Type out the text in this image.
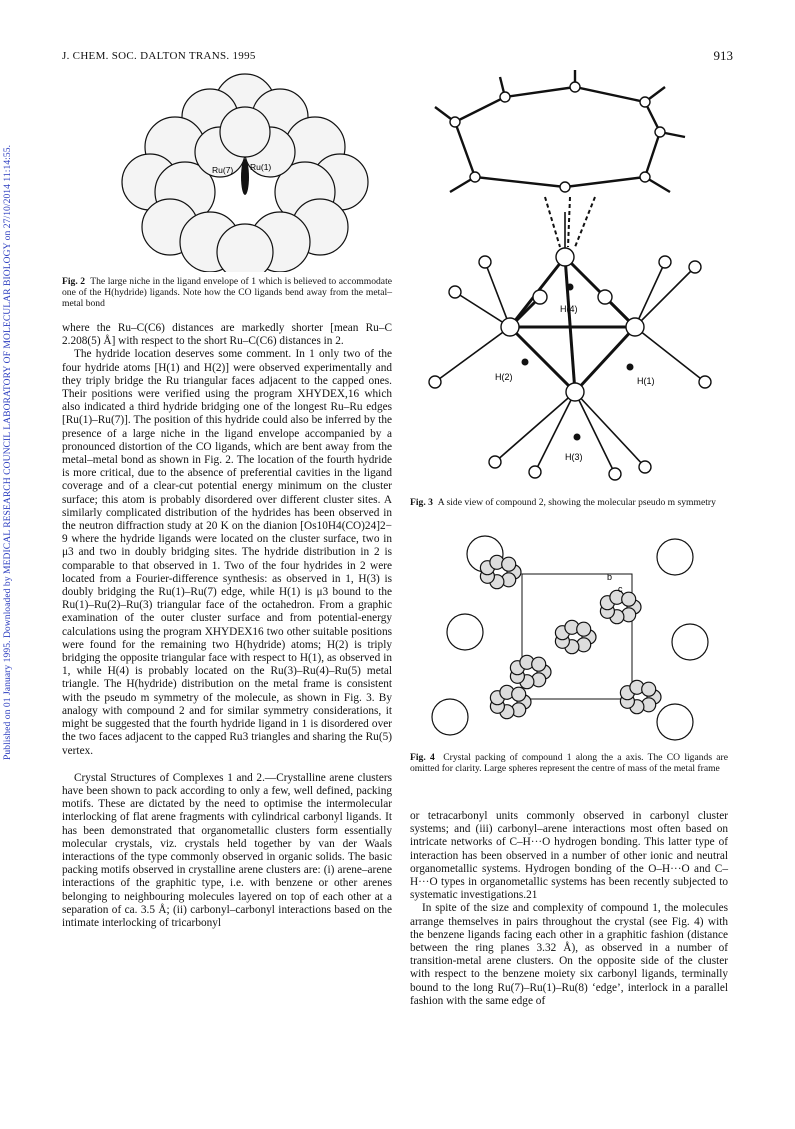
Published on 01 January 1995. Downloaded by MEDICAL RESEARCH COUNCIL LABORATORY OF MOLECULAR BIOLOGY on 27/10/2014 11:14:55.
J. CHEM. SOC. DALTON TRANS. 1995	913
Ru(7) Ru(1)
Fig. 2 The large niche in the ligand envelope of 1 which is believed to accommodate one of the H(hydride) ligands. Note how the CO ligands bend away from the metal–metal bond

where the Ru–C(C6) distances are markedly shorter [mean Ru–C 2.208(5) Å] with respect to the short Ru–C(C6) distances in 2.

The hydride location deserves some comment. In 1 only two of the four hydride atoms [H(1) and H(2)] were observed experimentally and they triply bridge the Ru triangular faces adjacent to the capped ones. Their positions were verified using the program XHYDEX,16 which also indicated a third hydride bridging one of the longest Ru–Ru edges [Ru(1)–Ru(7)]. The position of this hydride could also be inferred by the presence of a large niche in the ligand envelope accompanied by a pronounced distortion of the CO ligands, which are bent away from the metal–metal bond as shown in Fig. 2. The location of the fourth hydride is more critical, due to the absence of preferential cavities in the ligand coverage and of a clear-cut potential energy minimum on the cluster surface; this atom is probably disordered over different cluster sites. A similarly complicated distribution of the hydrides has been observed in the neutron diffraction study at 20 K on the dianion [Os10H4(CO)24]2− 9 where the hydride ligands were located on the cluster surface, two in μ3 and two in doubly bridging sites. The hydride distribution in 2 is comparable to that observed in 1. Two of the four hydrides in 2 were located from a Fourier-difference synthesis: as observed in 1, H(3) is doubly bridging the Ru(1)–Ru(7) edge, while H(1) is μ3 bound to the Ru(1)–Ru(2)–Ru(3) triangular face of the octahedron. From a graphic examination of the outer cluster surface and from potential-energy calculations using the program XHYDEX16 two other suitable positions were found for the remaining two H(hydride) atoms; H(2) is triply bridging the opposite triangular face with respect to H(1), as observed in 1, while H(4) is probably located on the Ru(3)–Ru(4)–Ru(5) metal triangle. The H(hydride) distribution on the metal frame is consistent with the pseudo m symmetry of the molecule, as shown in Fig. 3. By analogy with compound 2 and for similar symmetry considerations, it might be suggested that the fourth hydride ligand in 1 is disordered over the two faces adjacent to the capped Ru3 triangles and sharing the Ru(5) vertex.

Crystal Structures of Complexes 1 and 2.—Crystalline arene clusters have been shown to pack according to only a few, well defined, packing motifs. These are dictated by the need to optimise the intermolecular interlocking of flat arene fragments with cylindrical carbonyl ligands. It has been demonstrated that organometallic clusters form essentially molecular crystals, viz. crystals held together by van der Waals interactions of the type commonly observed in organic solids. The basic packing motifs observed in crystalline arene clusters are: (i) arene–arene interactions of the graphitic type, i.e. with benzene or other arenes belonging to neighbouring molecules layered on top of each other at a separation of ca. 3.5 Å; (ii) carbonyl–carbonyl interactions based on the intimate interlocking of tricarbonyl

H(4)
H(2)	H(1)
H(3)
Fig. 3 A side view of compound 2, showing the molecular pseudo m symmetry
b
c
Fig. 4 Crystal packing of compound 1 along the a axis. The CO ligands are omitted for clarity. Large spheres represent the centre of mass of the metal frame

or tetracarbonyl units commonly observed in carbonyl cluster systems; and (iii) carbonyl–arene interactions most often based on intricate networks of C–H···O hydrogen bonding. This latter type of interaction has been observed in a number of other ionic and neutral organometallic systems. Hydrogen bonding of the O–H···O and C–H···O types in organometallic systems has been recently subjected to systematic investigations.21

In spite of the size and complexity of compound 1, the molecules arrange themselves in pairs throughout the crystal (see Fig. 4) with the benzene ligands facing each other in a graphitic fashion (distance between the ring planes 3.32 Å), as observed in a number of transition-metal arene clusters. On the opposite side of the cluster with respect to the benzene moiety six carbonyl ligands, terminally bound to the long Ru(7)–Ru(1)–Ru(8) ‘edge’, interlock in a parallel fashion with the same edge of
